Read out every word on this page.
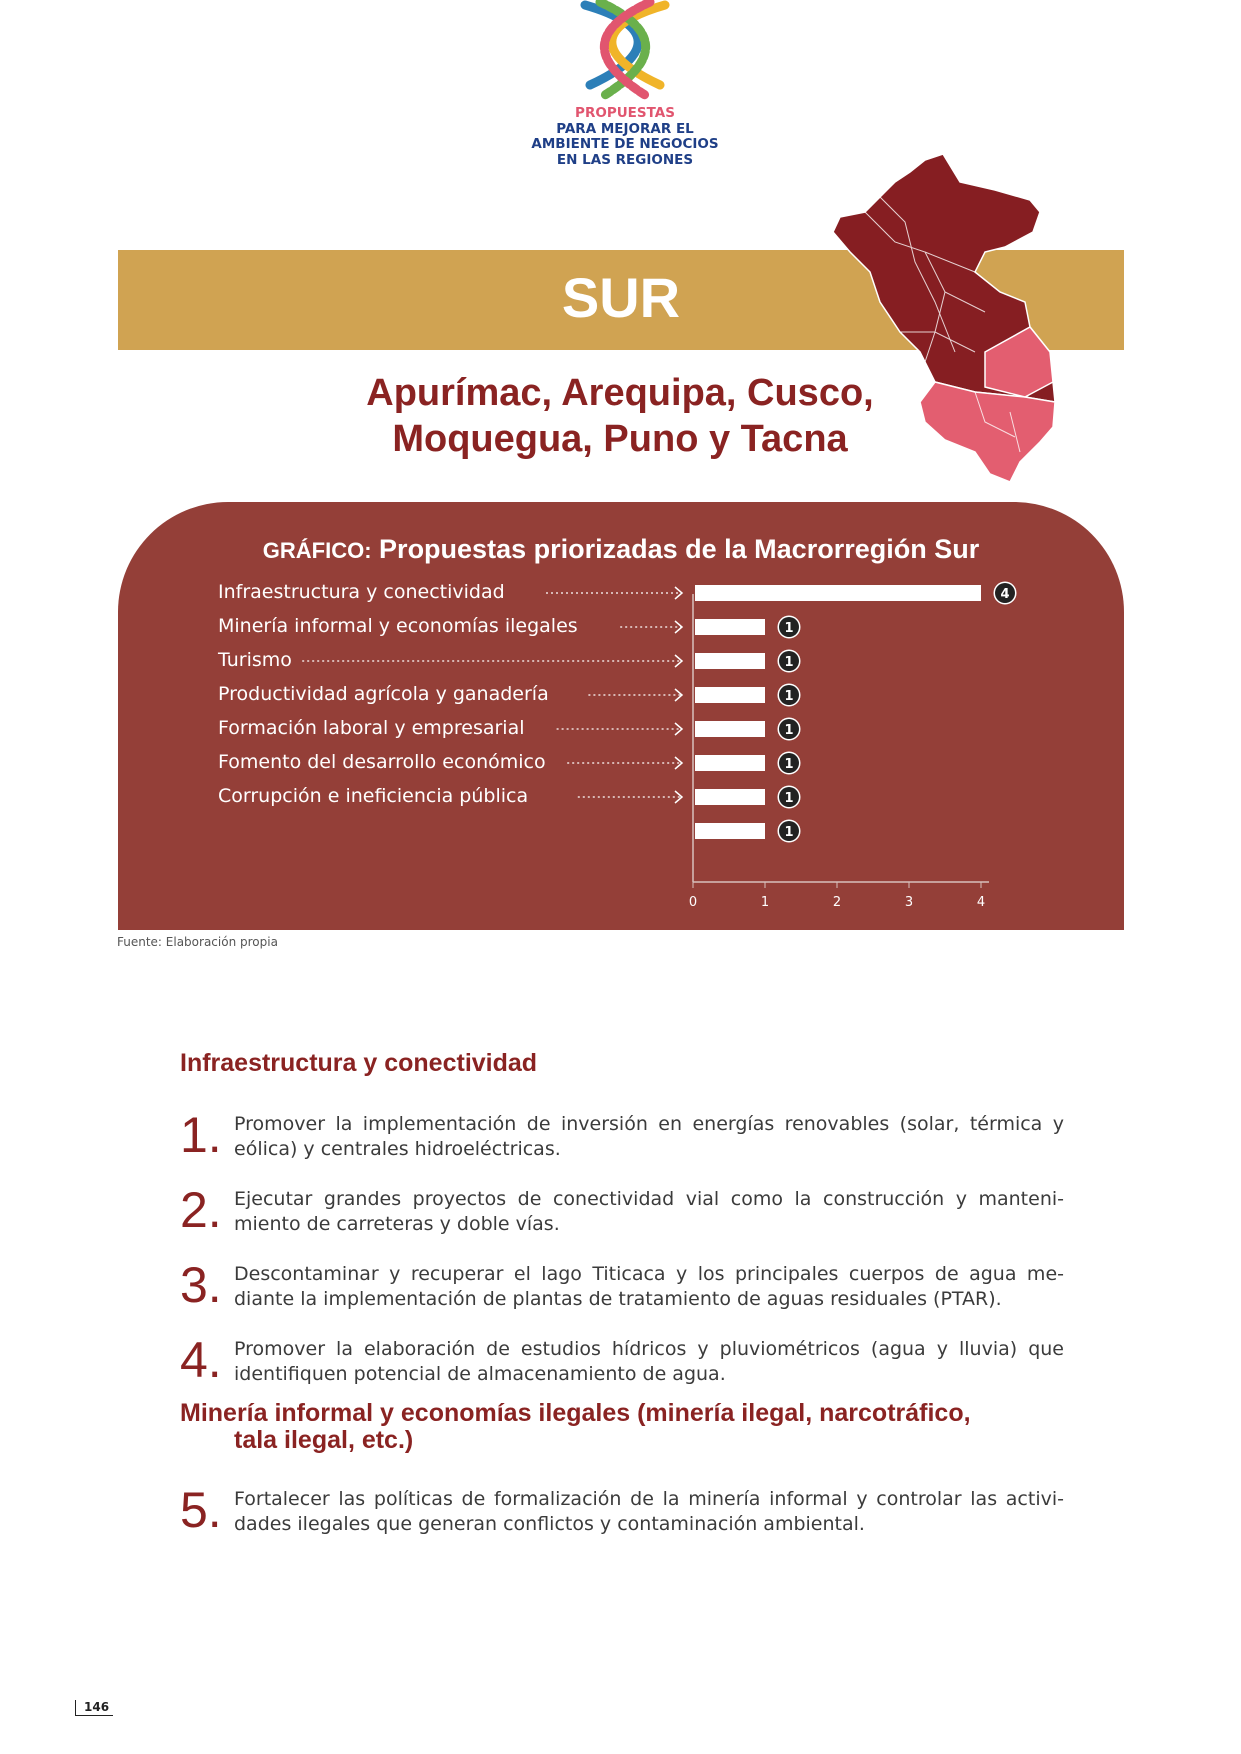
PROPUESTAS
PARA MEJORAR EL
AMBIENTE DE NEGOCIOS
EN LAS REGIONES
SUR
Apurímac, Arequipa, Cusco,
Moquegua, Puno y Tacna
GRÁFICO: Propuestas priorizadas de la Macrorregión Sur
Infraestructura y conectividad
Minería informal y economías ilegales
Turismo
Productividad agrícola y ganadería
Formación laboral y empresarial
Fomento del desarrollo económico
Corrupción e ineficiencia pública
0	1	2	3	4
4
1
1
1
1
1
1
1
Fuente: Elaboración propia
Infraestructura y conectividad
1. Promover la implementación de inversión en energías renovables (solar, térmica y eólica) y centrales hidroeléctricas.
2. Ejecutar grandes proyectos de conectividad vial como la construcción y manteni-miento de carreteras y doble vías.
3. Descontaminar y recuperar el lago Titicaca y los principales cuerpos de agua me-diante la implementación de plantas de tratamiento de aguas residuales (PTAR).
4. Promover la elaboración de estudios hídricos y pluviométricos (agua y lluvia) que identifiquen potencial de almacenamiento de agua.
Minería informal y economías ilegales (minería ilegal, narcotráfico,
tala ilegal, etc.)
5. Fortalecer las políticas de formalización de la minería informal y controlar las activi-dades ilegales que generan conflictos y contaminación ambiental.
146
